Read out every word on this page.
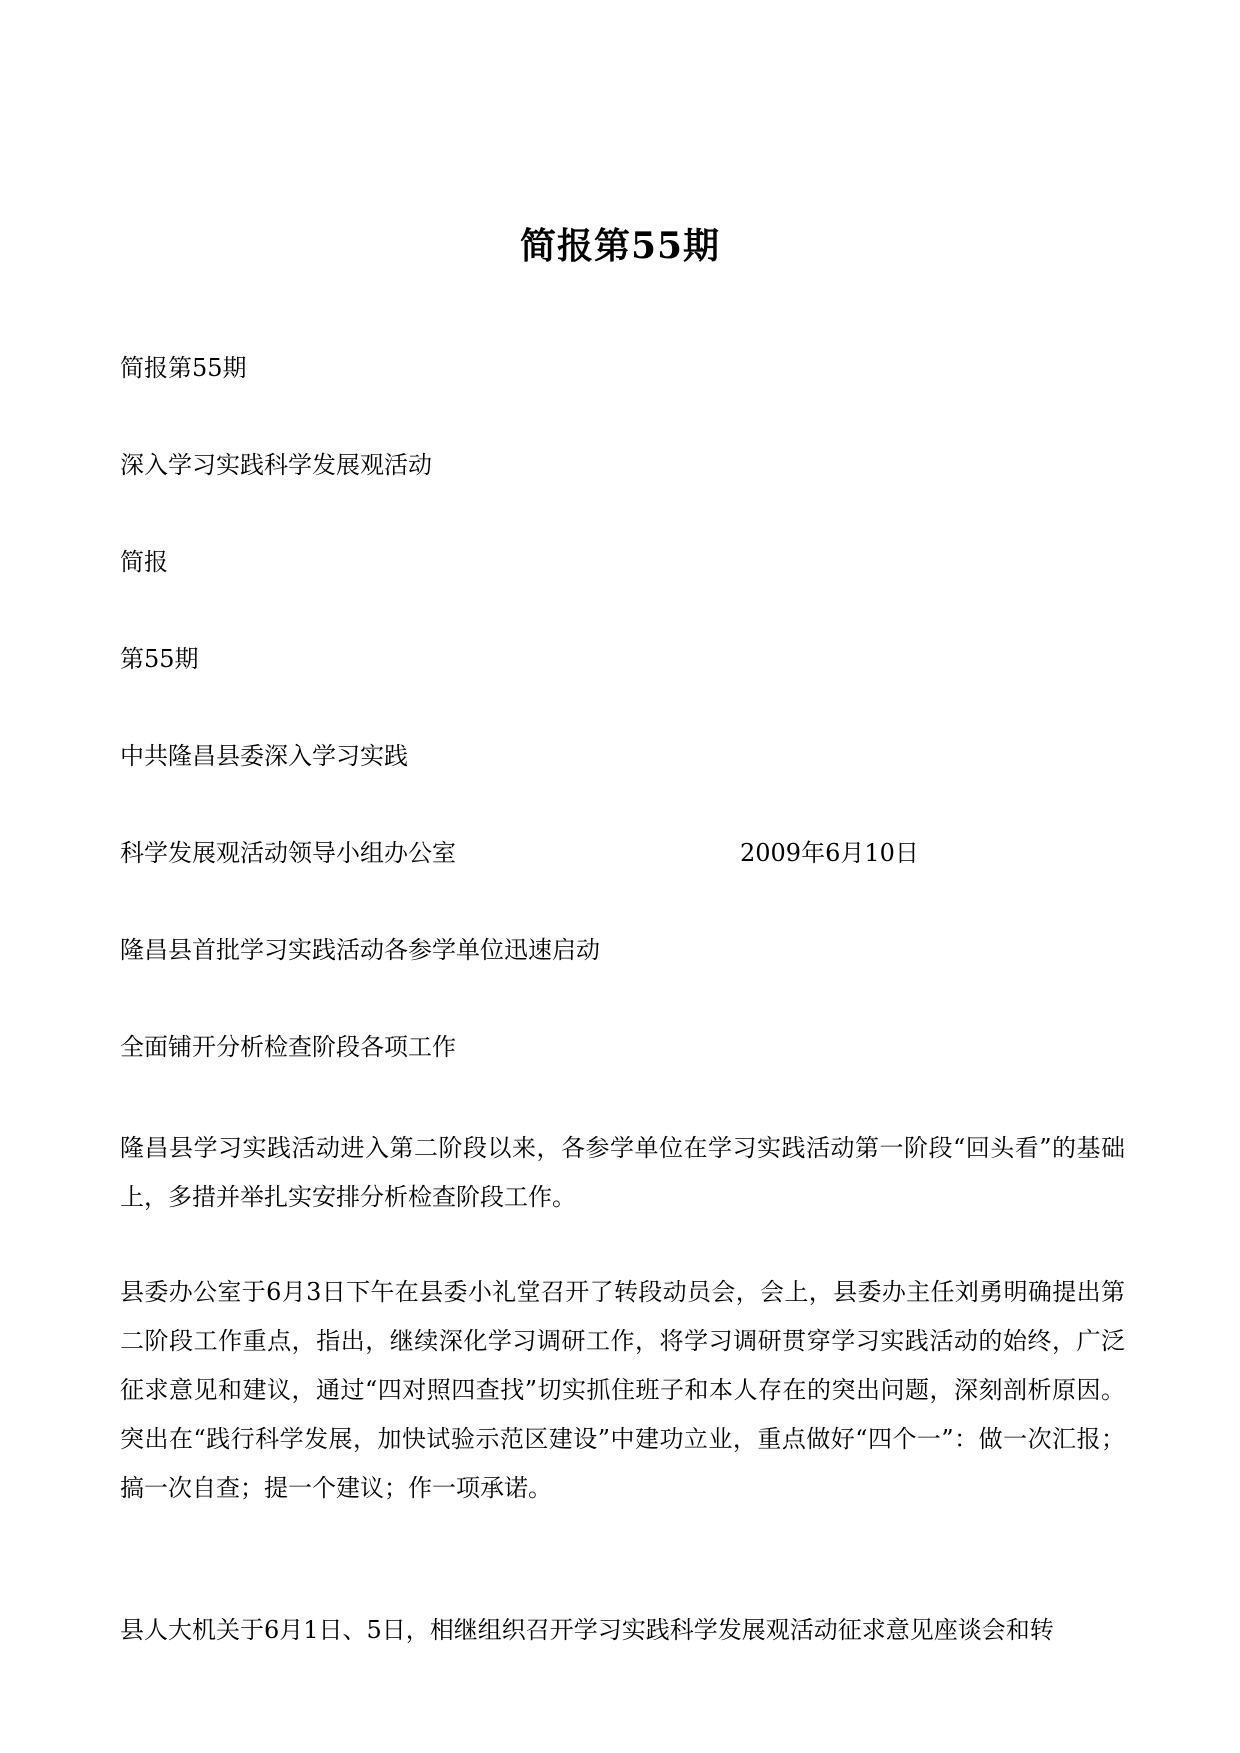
简报第55期

简报第55期

深入学习实践科学发展观活动

简报

第55期

中共隆昌县委深入学习实践

科学发展观活动领导小组办公室	2009年6月10日

隆昌县首批学习实践活动各参学单位迅速启动

全面铺开分析检查阶段各项工作

隆昌县学习实践活动进入第二阶段以来，各参学单位在学习实践活动第一阶段“回头看”的基础上，多措并举扎实安排分析检查阶段工作。

县委办公室于6月3日下午在县委小礼堂召开了转段动员会，会上，县委办主任刘勇明确提出第二阶段工作重点，指出，继续深化学习调研工作，将学习调研贯穿学习实践活动的始终，广泛征求意见和建议，通过“四对照四查找”切实抓住班子和本人存在的突出问题，深刻剖析原因。突出在“践行科学发展，加快试验示范区建设”中建功立业，重点做好“四个一”：做一次汇报；搞一次自查；提一个建议；作一项承诺。

县人大机关于6月1日、5日，相继组织召开学习实践科学发展观活动征求意见座谈会和转
